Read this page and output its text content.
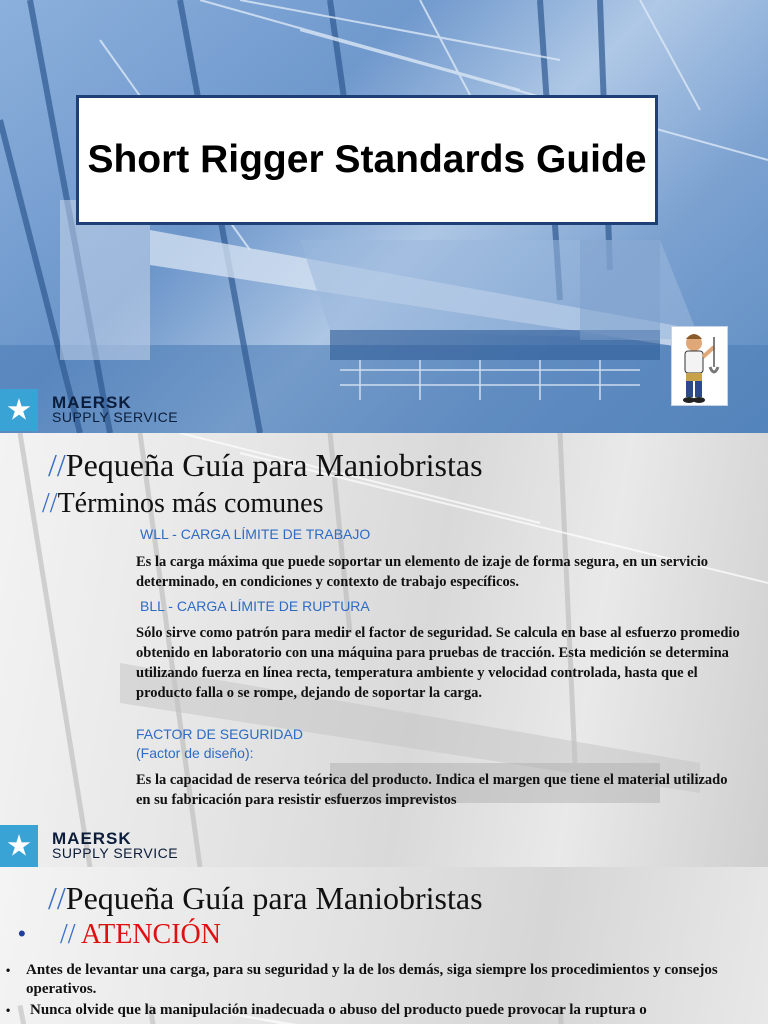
Short Rigger Standards Guide
MAERSK
SUPPLY SERVICE
//Pequeña Guía para Maniobristas
//Términos más comunes
WLL - CARGA LÍMITE DE TRABAJO
Es la carga máxima que puede soportar un elemento de izaje de forma segura, en un servicio determinado, en condiciones y contexto de trabajo específicos.
BLL - CARGA LÍMITE DE RUPTURA
Sólo sirve como patrón para medir el factor de seguridad. Se calcula en base al esfuerzo promedio obtenido en laboratorio con una máquina para pruebas de tracción. Esta medición se determina utilizando fuerza en línea recta, temperatura ambiente y velocidad controlada, hasta que el producto falla o se rompe, dejando de soportar la carga.
FACTOR DE SEGURIDAD
(Factor de diseño):
Es la capacidad de reserva teórica del producto. Indica el margen que tiene el material utilizado en su fabricación para resistir esfuerzos imprevistos
MAERSK
SUPPLY SERVICE
//Pequeña Guía para Maniobristas
• // ATENCIÓN
• Antes de levantar una carga, para su seguridad y la de los demás, siga siempre los procedimientos y consejos operativos.
• Nunca olvide que la manipulación inadecuada o abuso del producto puede provocar la ruptura o
